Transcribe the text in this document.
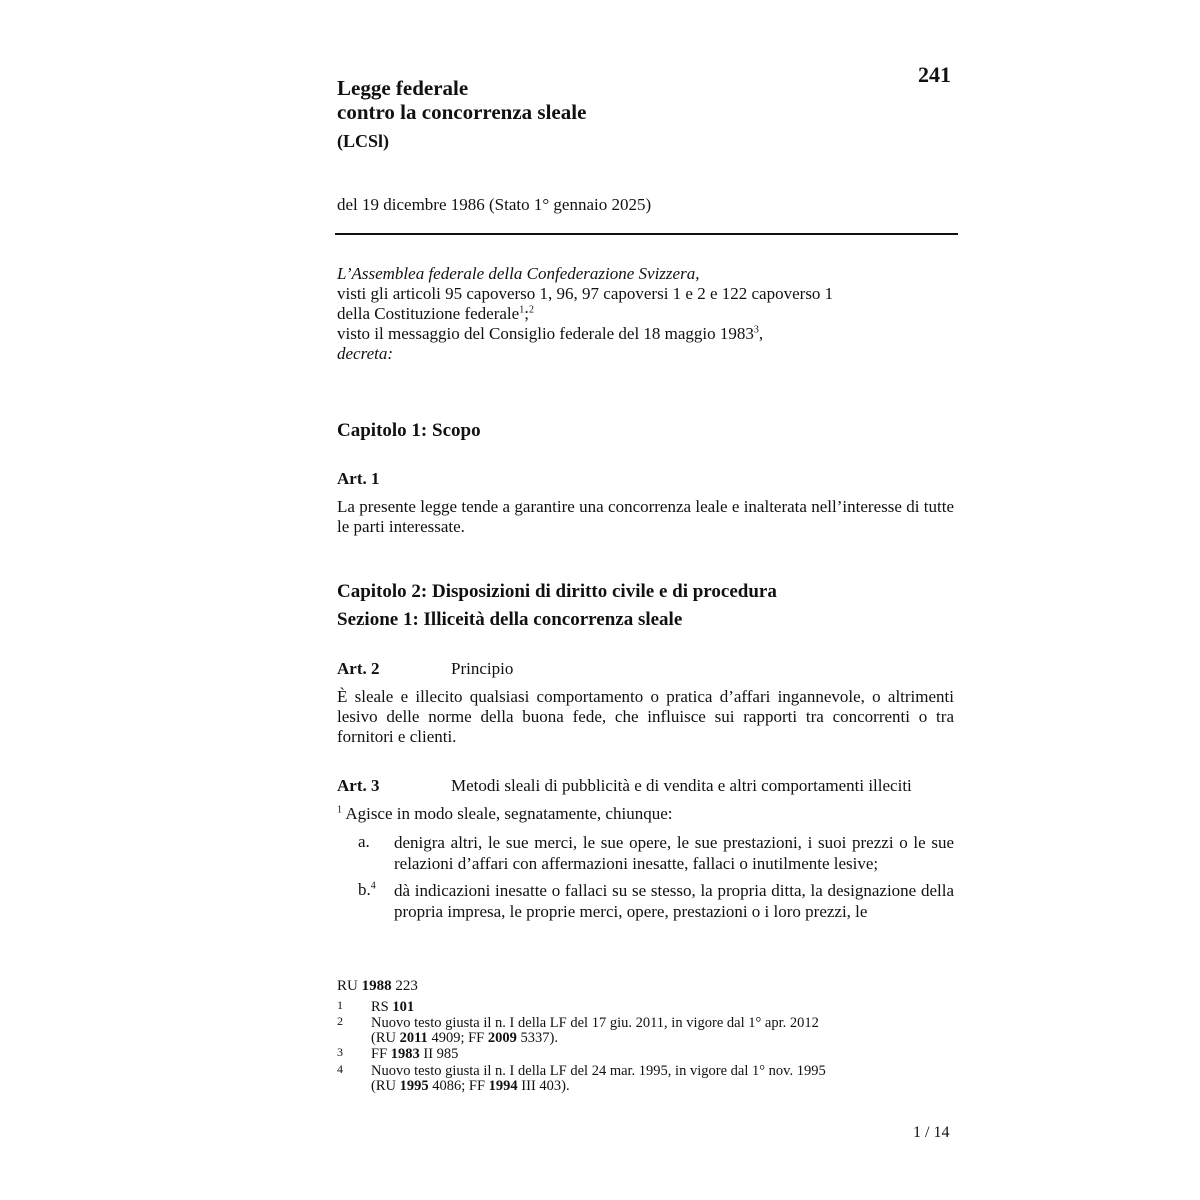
241
Legge federale
contro la concorrenza sleale
(LCSl)
del 19 dicembre 1986 (Stato 1° gennaio 2025)
L’Assemblea federale della Confederazione Svizzera,
visti gli articoli 95 capoverso 1, 96, 97 capoversi 1 e 2 e 122 capoverso 1
della Costituzione federale$^1$;$^2$
visto il messaggio del Consiglio federale del 18 maggio 1983$^3$,
decreta:
Capitolo 1: Scopo
Art. 1
La presente legge tende a garantire una concorrenza leale e inalterata nell’interesse di tutte le parti interessate.
Capitolo 2: Disposizioni di diritto civile e di procedura
Sezione 1: Illiceità della concorrenza sleale
Art. 2	Principio
È sleale e illecito qualsiasi comportamento o pratica d’affari ingannevole, o altrimenti lesivo delle norme della buona fede, che influisce sui rapporti tra concorrenti o tra fornitori e clienti.
Art. 3	Metodi sleali di pubblicità e di vendita e altri comportamenti illeciti
$^1$ Agisce in modo sleale, segnatamente, chiunque:
a. denigra altri, le sue merci, le sue opere, le sue prestazioni, i suoi prezzi o le sue relazioni d’affari con affermazioni inesatte, fallaci o inutilmente lesive;
b.$^4$ dà indicazioni inesatte o fallaci su se stesso, la propria ditta, la designazione della propria impresa, le proprie merci, opere, prestazioni o i loro prezzi, le
RU 1988 223
1 RS 101
2 Nuovo testo giusta il n. I della LF del 17 giu. 2011, in vigore dal 1° apr. 2012
(RU 2011 4909; FF 2009 5337).
3 FF 1983 II 985
4 Nuovo testo giusta il n. I della LF del 24 mar. 1995, in vigore dal 1° nov. 1995
(RU 1995 4086; FF 1994 III 403).
1 / 14
